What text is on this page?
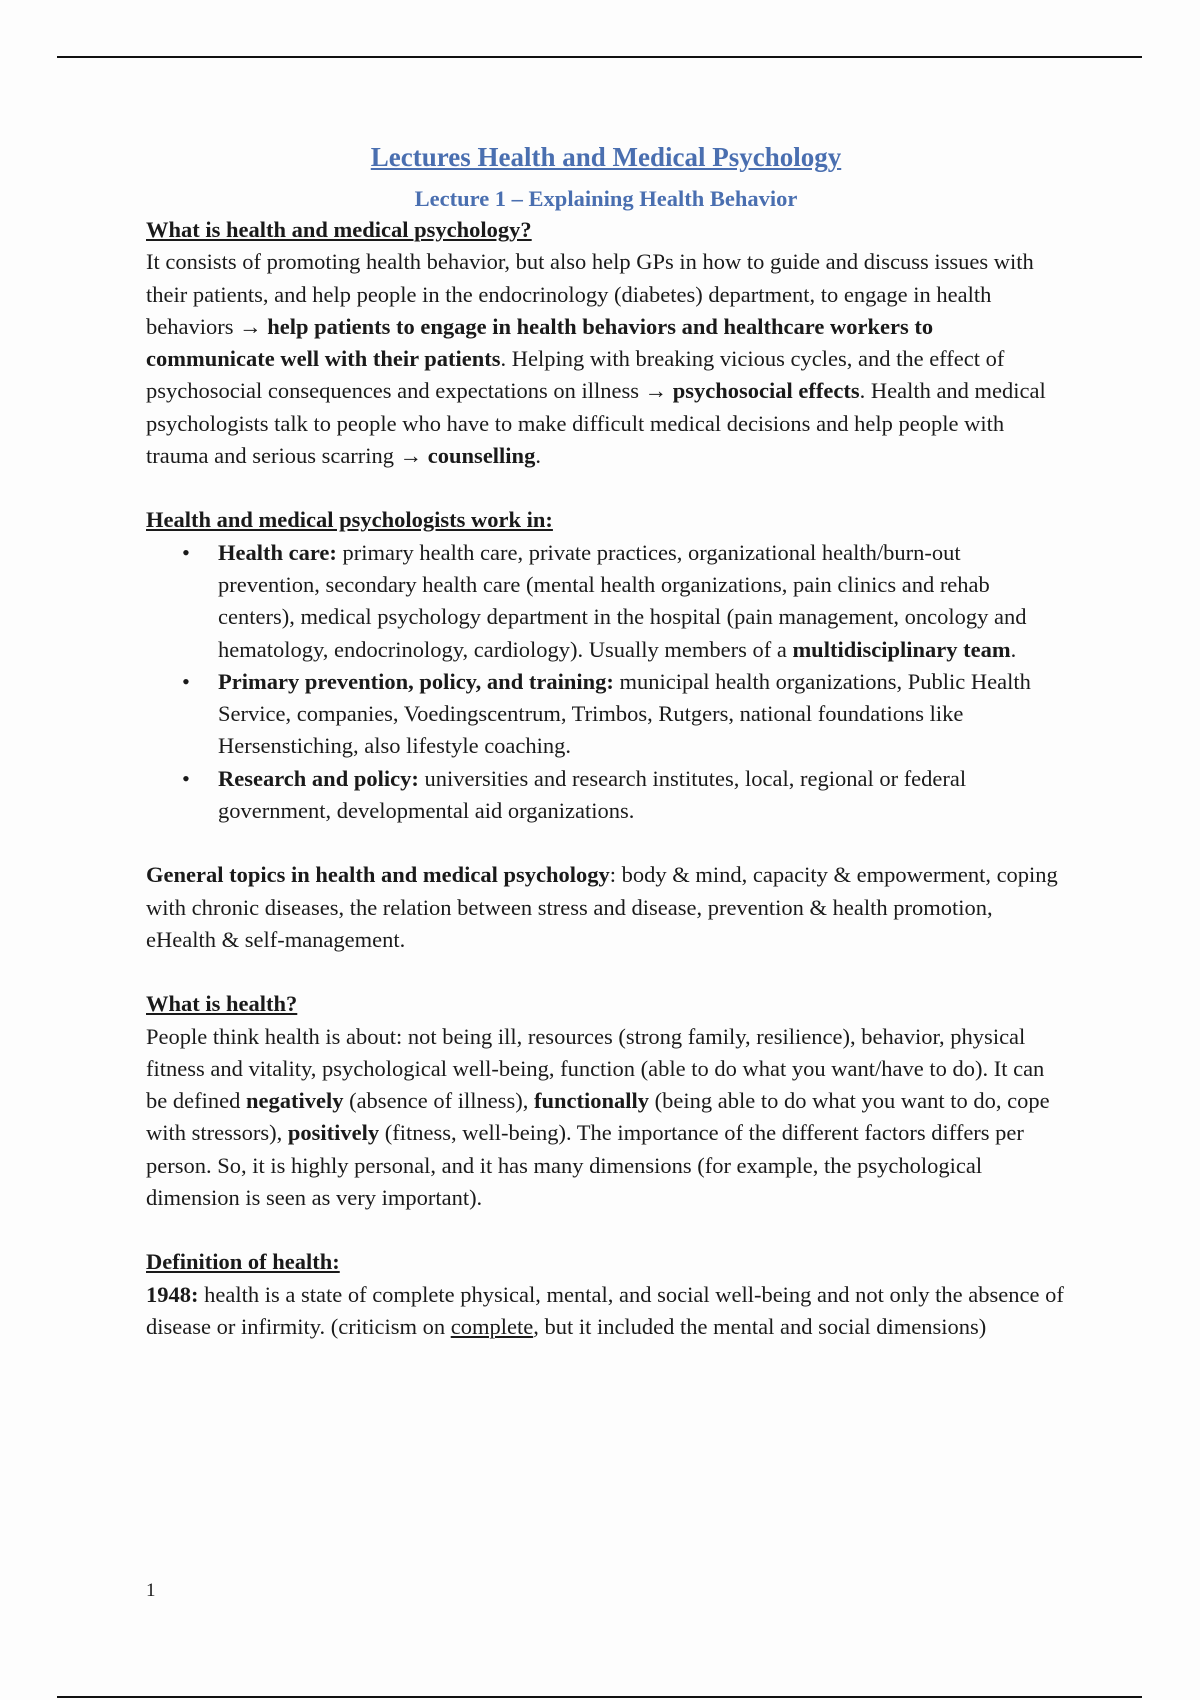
Lectures Health and Medical Psychology
Lecture 1 – Explaining Health Behavior
What is health and medical psychology?

It consists of promoting health behavior, but also help GPs in how to guide and discuss issues with their patients, and help people in the endocrinology (diabetes) department, to engage in health behaviors → help patients to engage in health behaviors and healthcare workers to communicate well with their patients. Helping with breaking vicious cycles, and the effect of psychosocial consequences and expectations on illness → psychosocial effects. Health and medical psychologists talk to people who have to make difficult medical decisions and help people with trauma and serious scarring → counselling.

Health and medical psychologists work in:
• Health care: primary health care, private practices, organizational health/burn-out prevention, secondary health care (mental health organizations, pain clinics and rehab centers), medical psychology department in the hospital (pain management, oncology and hematology, endocrinology, cardiology). Usually members of a multidisciplinary team.
• Primary prevention, policy, and training: municipal health organizations, Public Health Service, companies, Voedingscentrum, Trimbos, Rutgers, national foundations like Hersenstiching, also lifestyle coaching.
• Research and policy: universities and research institutes, local, regional or federal government, developmental aid organizations.

General topics in health and medical psychology: body & mind, capacity & empowerment, coping with chronic diseases, the relation between stress and disease, prevention & health promotion, eHealth & self-management.

What is health?

People think health is about: not being ill, resources (strong family, resilience), behavior, physical fitness and vitality, psychological well-being, function (able to do what you want/have to do). It can be defined negatively (absence of illness), functionally (being able to do what you want to do, cope with stressors), positively (fitness, well-being). The importance of the different factors differs per person. So, it is highly personal, and it has many dimensions (for example, the psychological dimension is seen as very important).

Definition of health:

1948: health is a state of complete physical, mental, and social well-being and not only the absence of disease or infirmity. (criticism on complete, but it included the mental and social dimensions)

1
